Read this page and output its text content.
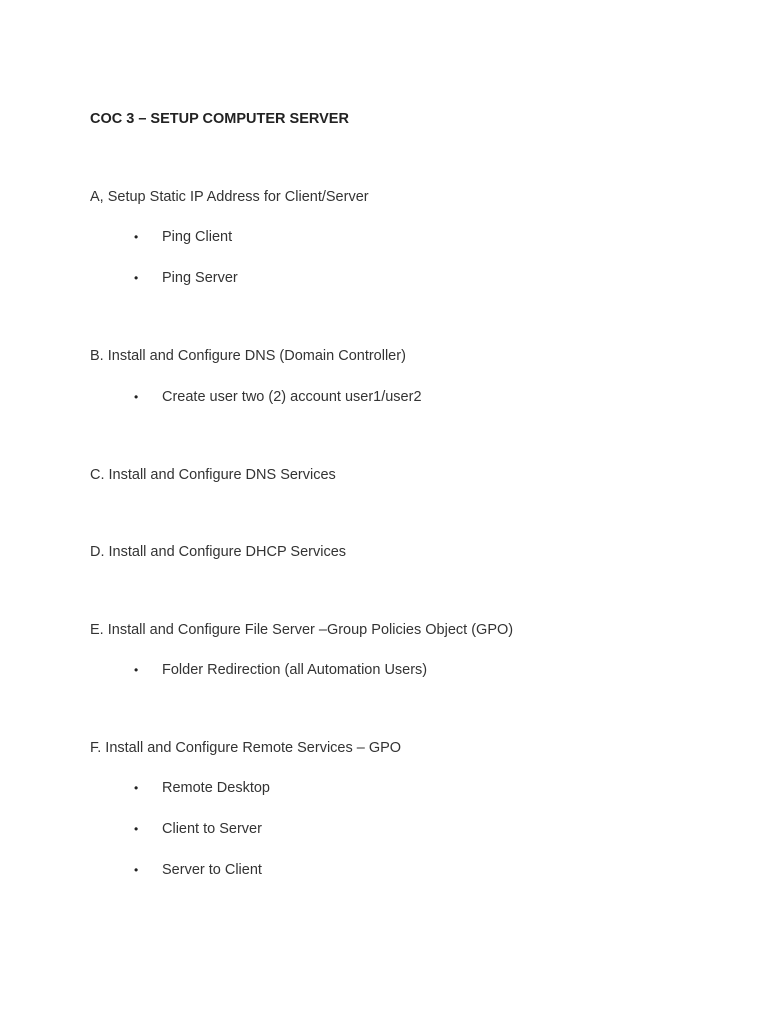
COC 3 – SETUP COMPUTER SERVER
A, Setup Static IP Address for Client/Server
•	Ping Client
•	Ping Server
B. Install and Configure DNS (Domain Controller)
•	Create user two (2) account user1/user2
C. Install and Configure DNS Services
D. Install and Configure DHCP Services
E. Install and Configure File Server –Group Policies Object (GPO)
•	Folder Redirection (all Automation Users)
F. Install and Configure Remote Services – GPO
•	Remote Desktop
•	Client to Server
•	Server to Client
